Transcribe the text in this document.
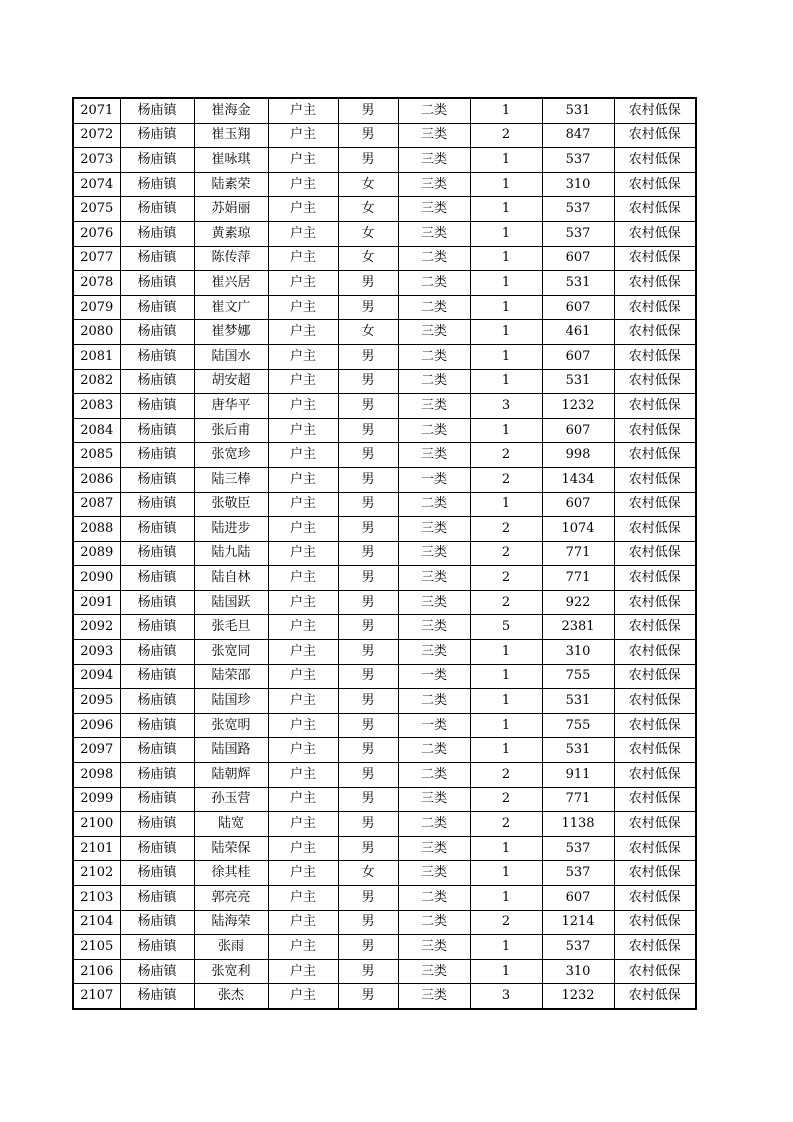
2071	杨庙镇	崔海金	户主	男	二类	1	531	农村低保
2072	杨庙镇	崔玉翔	户主	男	三类	2	847	农村低保
2073	杨庙镇	崔咏琪	户主	男	三类	1	537	农村低保
2074	杨庙镇	陆素荣	户主	女	三类	1	310	农村低保
2075	杨庙镇	苏娟丽	户主	女	三类	1	537	农村低保
2076	杨庙镇	黄素琼	户主	女	三类	1	537	农村低保
2077	杨庙镇	陈传萍	户主	女	二类	1	607	农村低保
2078	杨庙镇	崔兴居	户主	男	二类	1	531	农村低保
2079	杨庙镇	崔文广	户主	男	二类	1	607	农村低保
2080	杨庙镇	崔梦娜	户主	女	三类	1	461	农村低保
2081	杨庙镇	陆国水	户主	男	二类	1	607	农村低保
2082	杨庙镇	胡安超	户主	男	二类	1	531	农村低保
2083	杨庙镇	唐华平	户主	男	三类	3	1232	农村低保
2084	杨庙镇	张后甫	户主	男	二类	1	607	农村低保
2085	杨庙镇	张宽珍	户主	男	三类	2	998	农村低保
2086	杨庙镇	陆三棒	户主	男	一类	2	1434	农村低保
2087	杨庙镇	张敬臣	户主	男	二类	1	607	农村低保
2088	杨庙镇	陆进步	户主	男	三类	2	1074	农村低保
2089	杨庙镇	陆九陆	户主	男	三类	2	771	农村低保
2090	杨庙镇	陆自林	户主	男	三类	2	771	农村低保
2091	杨庙镇	陆国跃	户主	男	三类	2	922	农村低保
2092	杨庙镇	张毛旦	户主	男	三类	5	2381	农村低保
2093	杨庙镇	张宽同	户主	男	三类	1	310	农村低保
2094	杨庙镇	陆荣邵	户主	男	一类	1	755	农村低保
2095	杨庙镇	陆国珍	户主	男	二类	1	531	农村低保
2096	杨庙镇	张宽明	户主	男	一类	1	755	农村低保
2097	杨庙镇	陆国路	户主	男	二类	1	531	农村低保
2098	杨庙镇	陆朝辉	户主	男	二类	2	911	农村低保
2099	杨庙镇	孙玉营	户主	男	三类	2	771	农村低保
2100	杨庙镇	陆宽	户主	男	二类	2	1138	农村低保
2101	杨庙镇	陆荣保	户主	男	三类	1	537	农村低保
2102	杨庙镇	徐其桂	户主	女	三类	1	537	农村低保
2103	杨庙镇	郭亮亮	户主	男	二类	1	607	农村低保
2104	杨庙镇	陆海荣	户主	男	二类	2	1214	农村低保
2105	杨庙镇	张雨	户主	男	三类	1	537	农村低保
2106	杨庙镇	张宽利	户主	男	三类	1	310	农村低保
2107	杨庙镇	张杰	户主	男	三类	3	1232	农村低保
